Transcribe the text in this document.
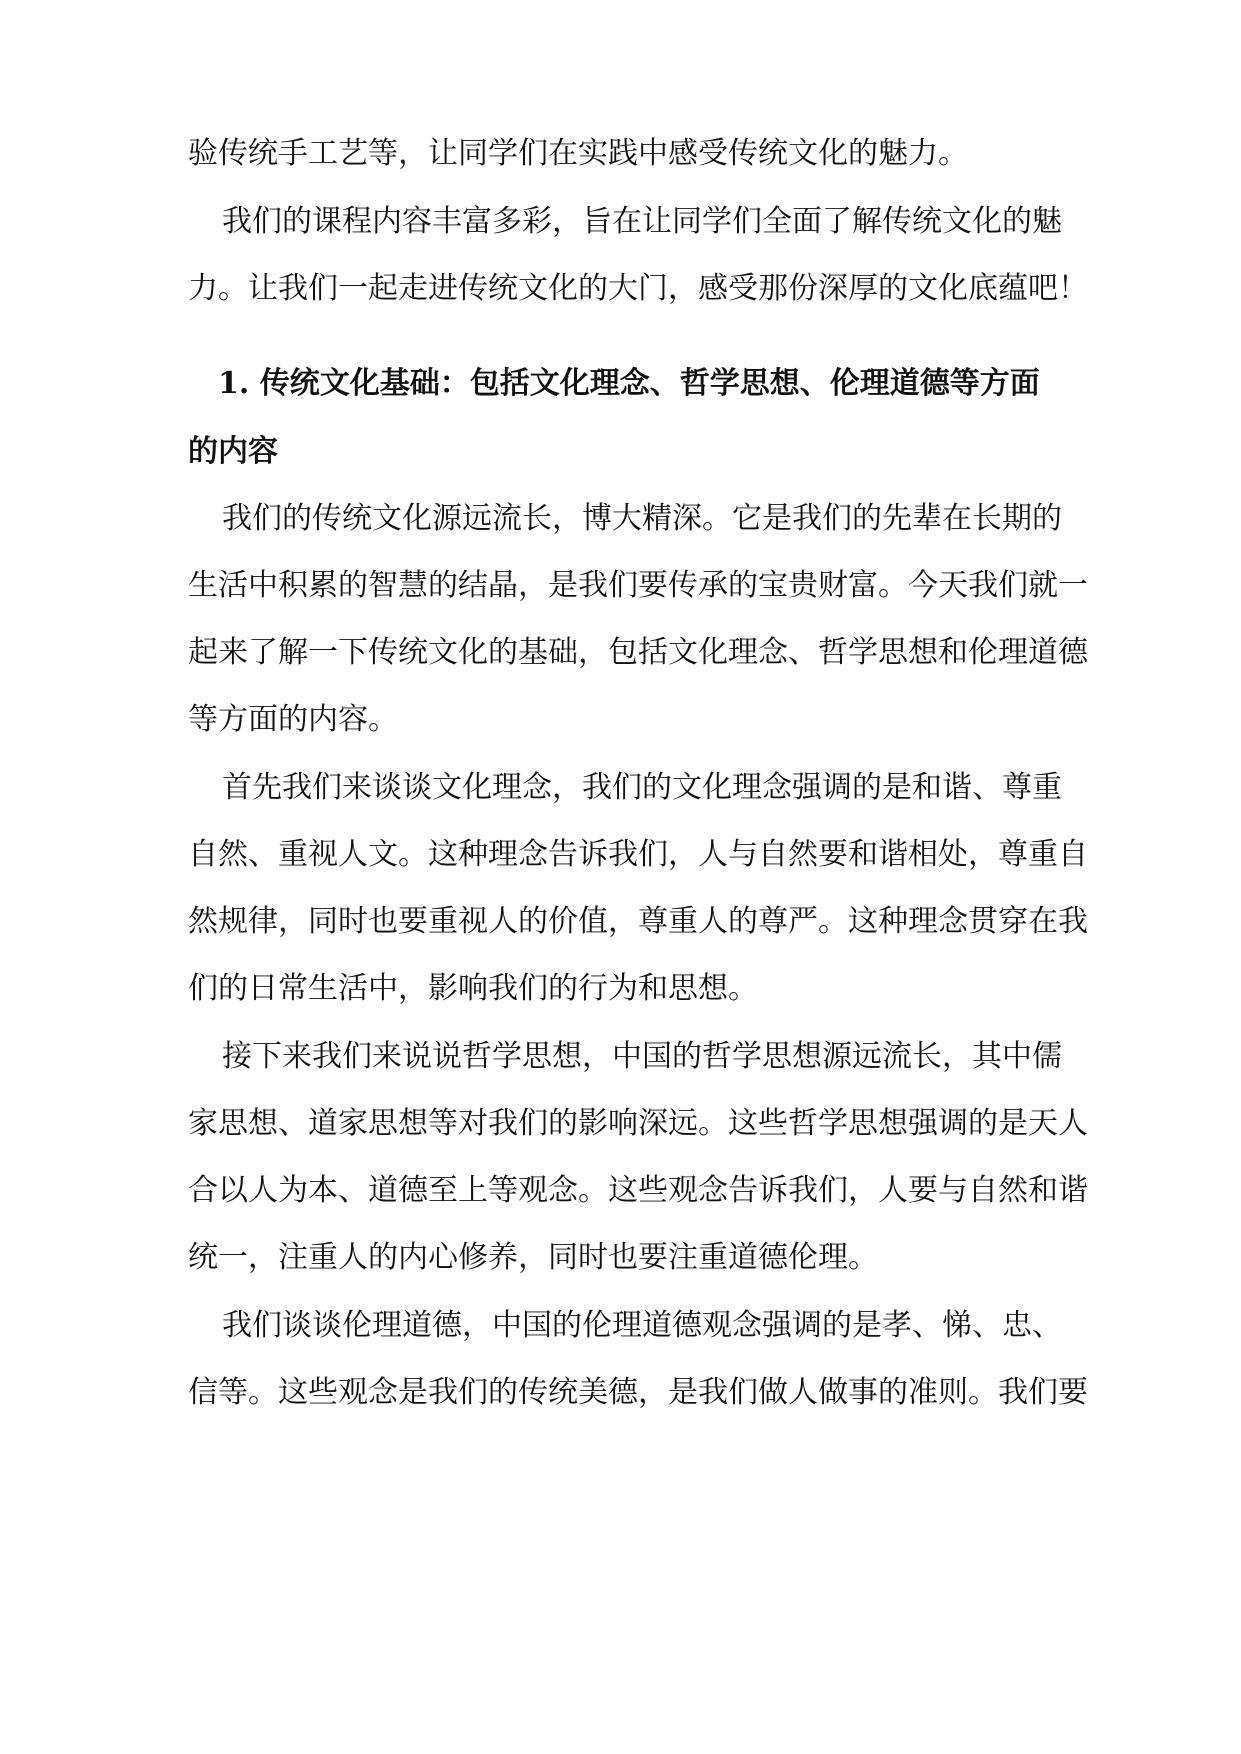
验传统手工艺等，让同学们在实践中感受传统文化的魅力。
我们的课程内容丰富多彩，旨在让同学们全面了解传统文化的魅
力。让我们一起走进传统文化的大门，感受那份深厚的文化底蕴吧！
1. 传统文化基础：包括文化理念、哲学思想、伦理道德等方面
的内容
我们的传统文化源远流长，博大精深。它是我们的先辈在长期的
生活中积累的智慧的结晶，是我们要传承的宝贵财富。今天我们就一
起来了解一下传统文化的基础，包括文化理念、哲学思想和伦理道德
等方面的内容。
首先我们来谈谈文化理念，我们的文化理念强调的是和谐、尊重
自然、重视人文。这种理念告诉我们，人与自然要和谐相处，尊重自
然规律，同时也要重视人的价值，尊重人的尊严。这种理念贯穿在我
们的日常生活中，影响我们的行为和思想。
接下来我们来说说哲学思想，中国的哲学思想源远流长，其中儒
家思想、道家思想等对我们的影响深远。这些哲学思想强调的是天人
合以人为本、道德至上等观念。这些观念告诉我们，人要与自然和谐
统一，注重人的内心修养，同时也要注重道德伦理。
我们谈谈伦理道德，中国的伦理道德观念强调的是孝、悌、忠、
信等。这些观念是我们的传统美德，是我们做人做事的准则。我们要
